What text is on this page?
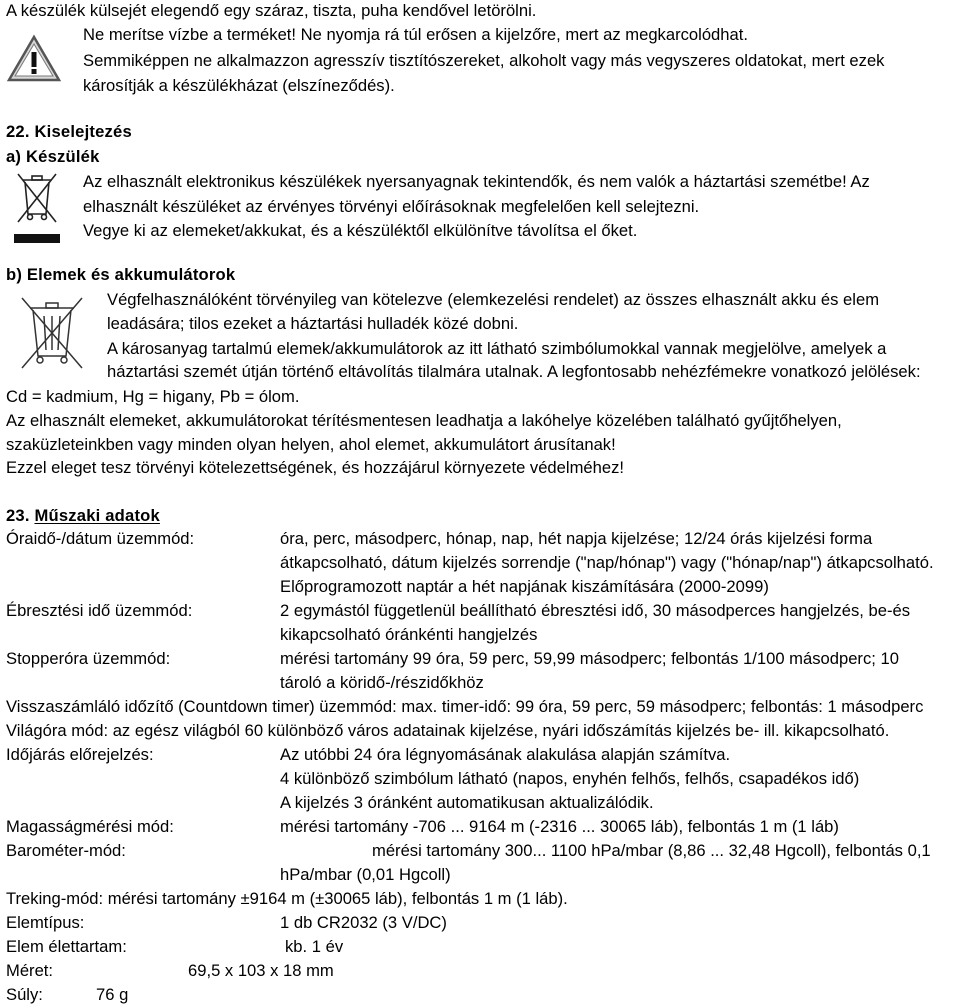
A készülék külsejét elegendő egy száraz, tiszta, puha kendővel letörölni.
Ne merítse vízbe a terméket! Ne nyomja rá túl erősen a kijelzőre, mert az megkarcolódhat.
Semmiképpen ne alkalmazzon agresszív tisztítószereket, alkoholt vagy más vegyszeres oldatokat, mert ezek
károsítják a készülékházat (elszíneződés).
22. Kiselejtezés
a) Készülék
Az elhasznált elektronikus készülékek nyersanyagnak tekintendők, és nem valók a háztartási szemétbe! Az
elhasznált készüléket az érvényes törvényi előírásoknak megfelelően kell selejtezni.
Vegye ki az elemeket/akkukat, és a készüléktől elkülönítve távolítsa el őket.
b) Elemek és akkumulátorok
Végfelhasználóként törvényileg van kötelezve (elemkezelési rendelet) az összes elhasznált akku és elem
leadására; tilos ezeket a háztartási hulladék közé dobni.
A károsanyag tartalmú elemek/akkumulátorok az itt látható szimbólumokkal vannak megjelölve, amelyek a
háztartási szemét útján történő eltávolítás tilalmára utalnak. A legfontosabb nehézfémekre vonatkozó jelölések:
Cd = kadmium, Hg = higany, Pb = ólom.
Az elhasznált elemeket, akkumulátorokat térítésmentesen leadhatja a lakóhelye közelében található gyűjtőhelyen,
szaküzleteinkben vagy minden olyan helyen, ahol elemet, akkumulátort árusítanak!
Ezzel eleget tesz törvényi kötelezettségének, és hozzájárul környezete védelméhez!
23. Műszaki adatok
Óraidő-/dátum üzemmód:	óra, perc, másodperc, hónap, nap, hét napja kijelzése; 12/24 órás kijelzési forma
átkapcsolható, dátum kijelzés sorrendje ("nap/hónap") vagy ("hónap/nap") átkapcsolható.
Előprogramozott naptár a hét napjának kiszámítására (2000-2099)
Ébresztési idő üzemmód:	2 egymástól függetlenül beállítható ébresztési idő, 30 másodperces hangjelzés, be-és
kikapcsolható óránkénti hangjelzés
Stopperóra üzemmód:	mérési tartomány 99 óra, 59 perc, 59,99 másodperc; felbontás 1/100 másodperc; 10
tároló a köridő-/részidőkhöz
Visszaszámláló időzítő (Countdown timer) üzemmód: max. timer-idő: 99 óra, 59 perc, 59 másodperc; felbontás: 1 másodperc
Világóra mód: az egész világból 60 különböző város adatainak kijelzése, nyári időszámítás kijelzés be- ill. kikapcsolható.
Időjárás előrejelzés:	Az utóbbi 24 óra légnyomásának alakulása alapján számítva.
4 különböző szimbólum látható (napos, enyhén felhős, felhős, csapadékos idő)
A kijelzés 3 óránként automatikusan aktualizálódik.
Magasságmérési mód:	mérési tartomány -706 ... 9164 m (-2316 ... 30065 láb), felbontás 1 m (1 láb)
Barométer-mód:	mérési tartomány 300... 1100 hPa/mbar (8,86 ... 32,48 Hgcoll), felbontás 0,1
hPa/mbar (0,01 Hgcoll)
Treking-mód: mérési tartomány ±9164 m (±30065 láb), felbontás 1 m (1 láb).
Elemtípus:	1 db CR2032 (3 V/DC)
Elem élettartam:	kb. 1 év
Méret:	69,5 x 103 x 18 mm
Súly:	76 g
